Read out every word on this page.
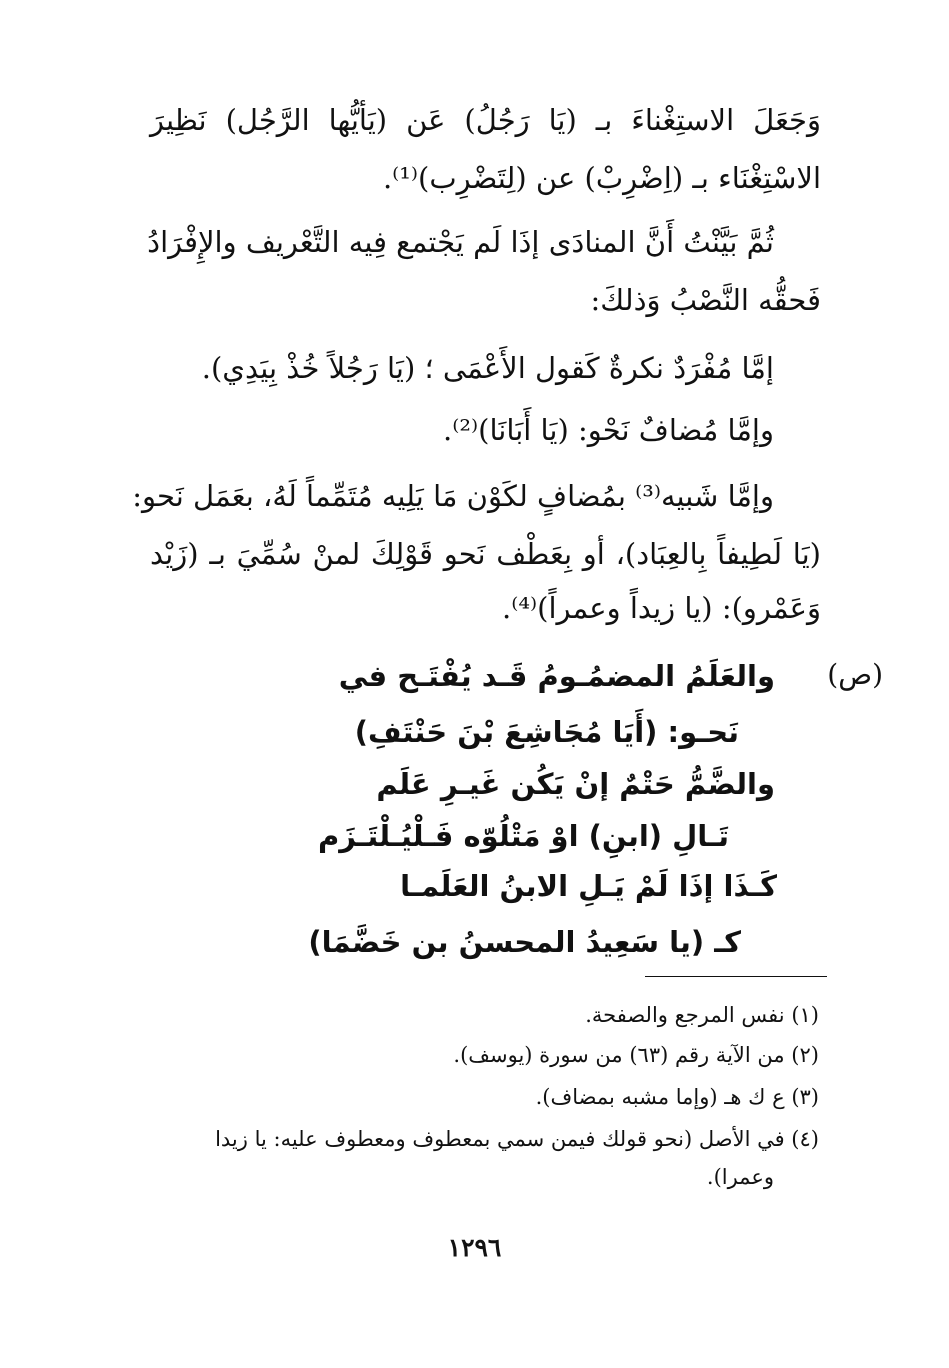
وَجَعَلَ الاستِغْناءَ بـ (يَا رَجُلُ) عَن (يَأيُّها الرَّجُل) نَظِيرَ
الاسْتِغْنَاء بـ (اِضْرِبْ) عن (لِتَضْرِب)⁽¹⁾.
ثُمَّ بَيَّنْتُ أَنَّ المنادَى إذَا لَم يَجْتمع فِيه التَّعْريف والإِفْرَادُ
فَحقُّه النَّصْبُ وَذلكَ:
إمَّا مُفْرَدٌ نكرةٌ كَقول الأَعْمَى ؛ (يَا رَجُلاً خُذْ بِيَدِي).
وإمَّا مُضافٌ نَحْو: (يَا أَبَانَا)⁽²⁾.
وإمَّا شَبيه⁽³⁾ بمُضافٍ لكَوْن مَا يَلِيه مُتَمِّماً لَهُ، بعَمَل نَحو:
(يَا لَطِيفاً بِالعِبَاد)، أو بِعَطْف نَحو قَوْلِكَ لمنْ سُمِّيَ بـ (زَيْد
وَعَمْرو): (يا زيداً وعمراً)⁽⁴⁾.
(ص)
والعَلَمُ المضمُـومُ قَـد يُفْتَـح في
نَحـو: (أَيَا مُجَاشِعَ بْنَ حَنْتَفِ)
والضَّمُّ حَتْمٌ إنْ يَكُن غَيـرِ عَلَم
تَـالِ (ابنِ) اوْ مَتْلُوّه فَـلْيُـلْتَـزَم
كَـذَا إذَا لَمْ يَـلِ الابنُ العَلَمـا
كـ (يا سَعِيدُ المحسنُ بن خَضَّمَا)
(١) نفس المرجع والصفحة.
(٢) من الآية رقم (٦٣) من سورة (يوسف).
(٣) ع ك هـ (وإما مشبه بمضاف).
(٤) في الأصل (نحو قولك فيمن سمي بمعطوف ومعطوف عليه: يا زيدا
وعمرا).
١٢٩٦
